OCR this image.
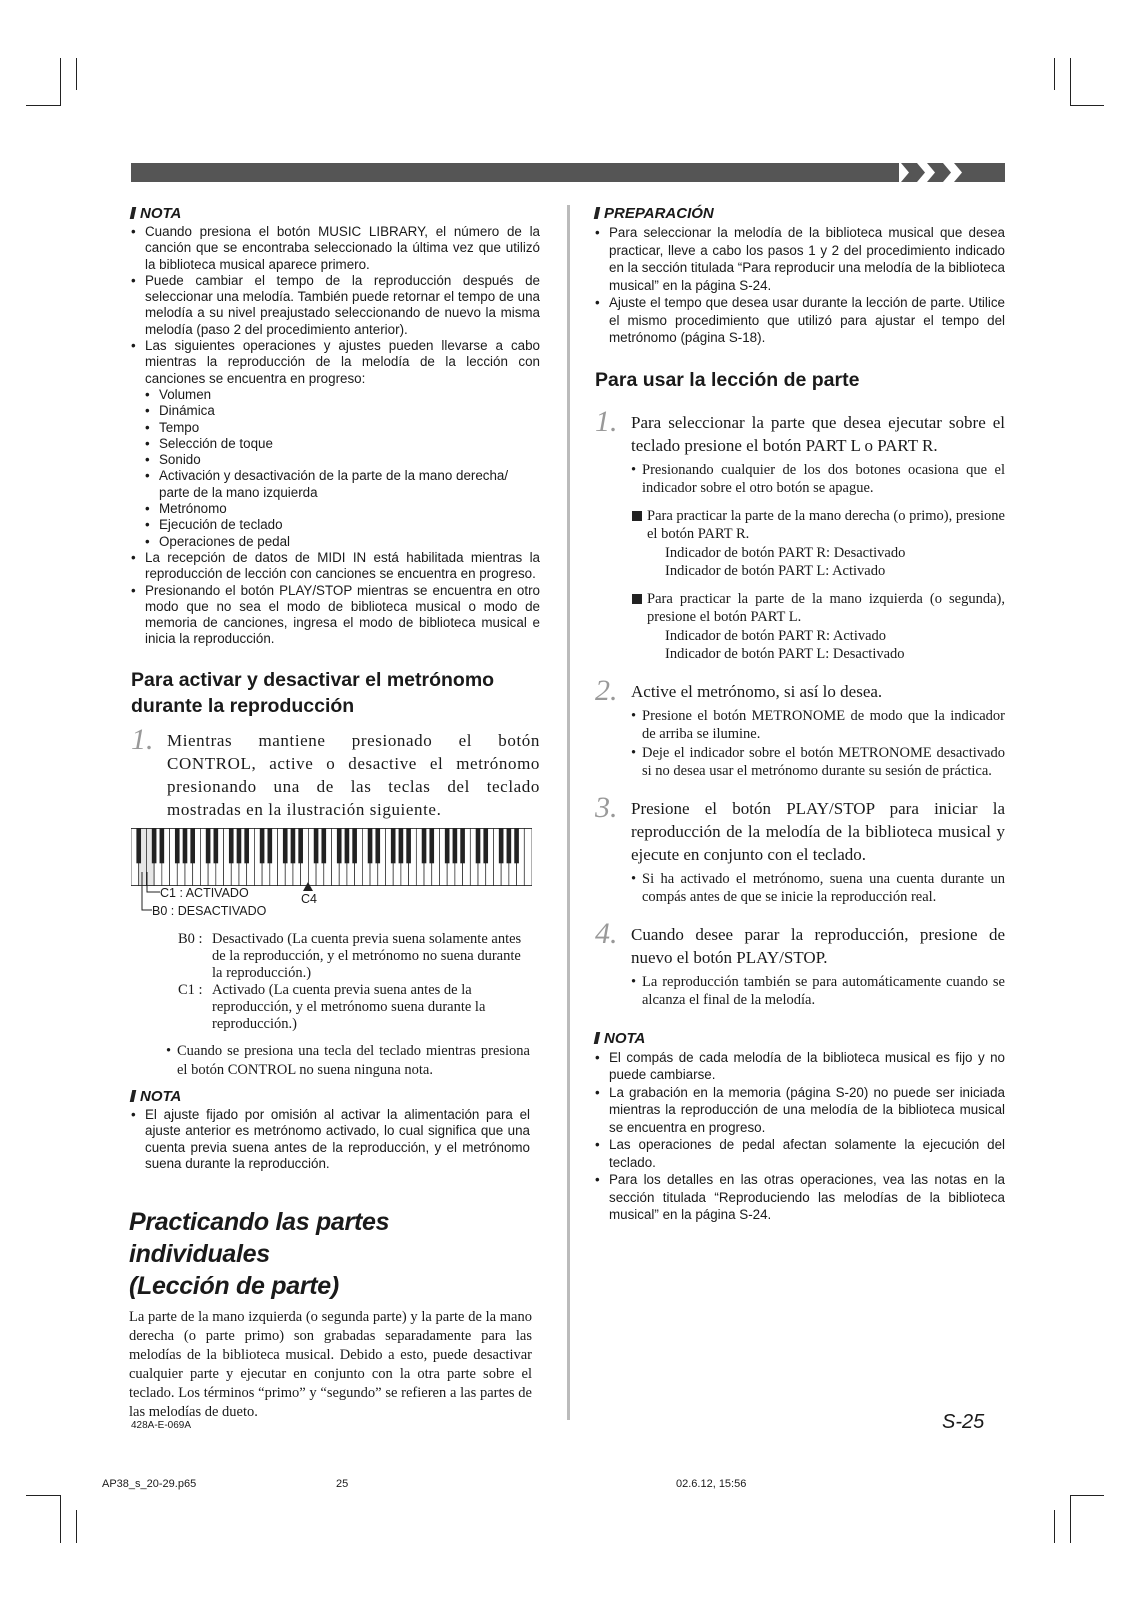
NOTA
• Cuando presiona el botón MUSIC LIBRARY, el número de la canción que se encontraba seleccionado la última vez que utilizó la biblioteca musical aparece primero.
• Puede cambiar el tempo de la reproducción después de seleccionar una melodía. También puede retornar el tempo de una melodía a su nivel preajustado seleccionando de nuevo la misma melodía (paso 2 del procedimiento anterior).
• Las siguientes operaciones y ajustes pueden llevarse a cabo mientras la reproducción de la melodía de la lección con canciones se encuentra en progreso:
• Volumen
• Dinámica
• Tempo
• Selección de toque
• Sonido
• Activación y desactivación de la parte de la mano derecha/ parte de la mano izquierda
• Metrónomo
• Ejecución de teclado
• Operaciones de pedal
• La recepción de datos de MIDI IN está habilitada mientras la reproducción de lección con canciones se encuentra en progreso.
• Presionando el botón PLAY/STOP mientras se encuentra en otro modo que no sea el modo de biblioteca musical o modo de memoria de canciones, ingresa el modo de biblioteca musical e inicia la reproducción.
Para activar y desactivar el metrónomo durante la reproducción
1. Mientras mantiene presionado el botón CONTROL, active o desactive el metrónomo presionando una de las teclas del teclado mostradas en la ilustración siguiente.
C1 : ACTIVADO
B0 : DESACTIVADO
C4
B0 : Desactivado (La cuenta previa suena solamente antes de la reproducción, y el metrónomo no suena durante la reproducción.)
C1 : Activado (La cuenta previa suena antes de la reproducción, y el metrónomo suena durante la reproducción.)
• Cuando se presiona una tecla del teclado mientras presiona el botón CONTROL no suena ninguna nota.
NOTA
• El ajuste fijado por omisión al activar la alimentación para el ajuste anterior es metrónomo activado, lo cual significa que una cuenta previa suena antes de la reproducción, y el metrónomo suena durante la reproducción.
Practicando las partes individuales
(Lección de parte)

La parte de la mano izquierda (o segunda parte) y la parte de la mano derecha (o parte primo) son grabadas separadamente para las melodías de la biblioteca musical. Debido a esto, puede desactivar cualquier parte y ejecutar en conjunto con la otra parte sobre el teclado. Los términos “primo” y “segundo” se refieren a las partes de las melodías de dueto.

428A-E-069A
PREPARACIÓN
• Para seleccionar la melodía de la biblioteca musical que desea practicar, lleve a cabo los pasos 1 y 2 del procedimiento indicado en la sección titulada “Para reproducir una melodía de la biblioteca musical” en la página S-24.
• Ajuste el tempo que desea usar durante la lección de parte. Utilice el mismo procedimiento que utilizó para ajustar el tempo del metrónomo (página S-18).
Para usar la lección de parte
1. Para seleccionar la parte que desea ejecutar sobre el teclado presione el botón PART L o PART R.
• Presionando cualquier de los dos botones ocasiona que el indicador sobre el otro botón se apague.
Para practicar la parte de la mano derecha (o primo), presione el botón PART R.
Indicador de botón PART R: Desactivado
Indicador de botón PART L: Activado
Para practicar la parte de la mano izquierda (o segunda), presione el botón PART L.
Indicador de botón PART R: Activado
Indicador de botón PART L: Desactivado
2. Active el metrónomo, si así lo desea.
• Presione el botón METRONOME de modo que la indicador de arriba se ilumine.
• Deje el indicador sobre el botón METRONOME desactivado si no desea usar el metrónomo durante su sesión de práctica.
3. Presione el botón PLAY/STOP para iniciar la reproducción de la melodía de la biblioteca musical y ejecute en conjunto con el teclado.
• Si ha activado el metrónomo, suena una cuenta durante un compás antes de que se inicie la reproducción real.
4. Cuando desee parar la reproducción, presione de nuevo el botón PLAY/STOP.
• La reproducción también se para automáticamente cuando se alcanza el final de la melodía.
NOTA
• El compás de cada melodía de la biblioteca musical es fijo y no puede cambiarse.
• La grabación en la memoria (página S-20) no puede ser iniciada mientras la reproducción de una melodía de la biblioteca musical se encuentra en progreso.
• Las operaciones de pedal afectan solamente la ejecución del teclado.
• Para los detalles en las otras operaciones, vea las notas en la sección titulada “Reproduciendo las melodías de la biblioteca musical” en la página S-24.
S-25
AP38_s_20-29.p65	25	02.6.12, 15:56
